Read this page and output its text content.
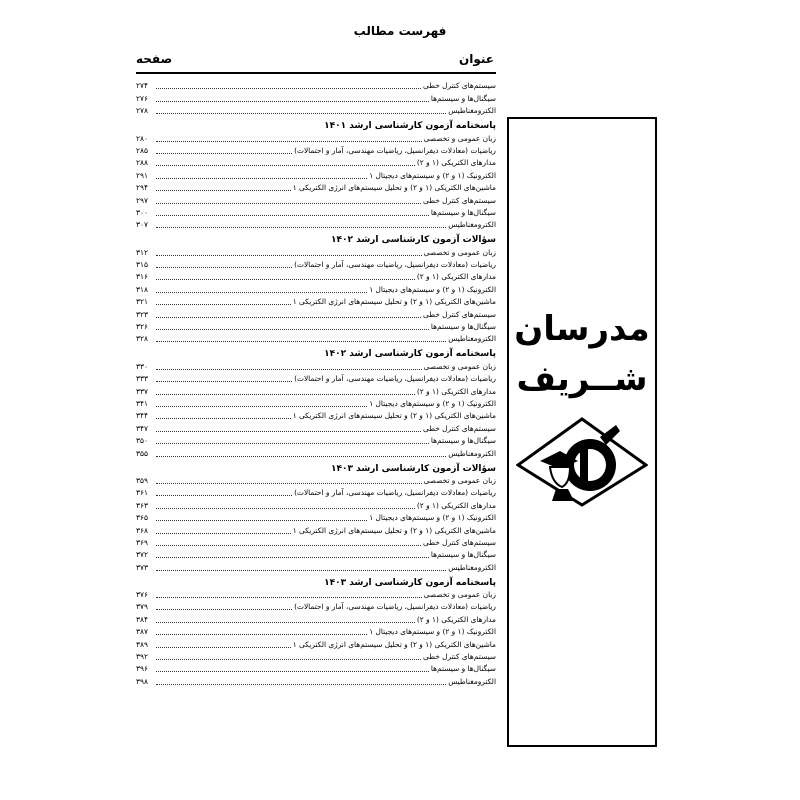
فهرست مطالب
عنوان
صفحه
سیستم‌های کنترل خطی
۲۷۴
سیگنال‌ها و سیستم‌ها
۲۷۶
الکترومغناطیس
۲۷۸
پاسخنامه آزمون کارشناسی ارشد ۱۴۰۱
زبان عمومی و تخصصی
۲۸۰
ریاضیات (معادلات دیفرانسیل، ریاضیات مهندسی، آمار و احتمالات)
۲۸۵
مدارهای الکتریکی (۱ و ۲)
۲۸۸
الکترونیک (۱ و ۲) و سیستم‌های دیجیتال ۱
۲۹۱
ماشین‌های الکتریکی (۱ و ۲) و تحلیل سیستم‌های انرژی الکتریکی ۱
۲۹۴
سیستم‌های کنترل خطی
۲۹۷
سیگنال‌ها و سیستم‌ها
۳۰۰
الکترومغناطیس
۳۰۷
سؤالات آزمون کارشناسی ارشد ۱۴۰۲
زبان عمومی و تخصصی
۳۱۲
ریاضیات (معادلات دیفرانسیل، ریاضیات مهندسی، آمار و احتمالات)
۳۱۵
مدارهای الکتریکی (۱ و ۲)
۳۱۶
الکترونیک (۱ و ۲) و سیستم‌های دیجیتال ۱
۳۱۸
ماشین‌های الکتریکی (۱ و ۲) و تحلیل سیستم‌های انرژی الکتریکی ۱
۳۲۱
سیستم‌های کنترل خطی
۳۲۳
سیگنال‌ها و سیستم‌ها
۳۲۶
الکترومغناطیس
۳۲۸
پاسخنامه آزمون کارشناسی ارشد ۱۴۰۲
زبان عمومی و تخصصی
۳۳۰
ریاضیات (معادلات دیفرانسیل، ریاضیات مهندسی، آمار و احتمالات)
۳۳۳
مدارهای الکتریکی (۱ و ۲)
۳۳۷
الکترونیک (۱ و ۲) و سیستم‌های دیجیتال ۱
۳۴۱
ماشین‌های الکتریکی (۱ و ۲) و تحلیل سیستم‌های انرژی الکتریکی ۱
۳۴۴
سیستم‌های کنترل خطی
۳۴۷
سیگنال‌ها و سیستم‌ها
۳۵۰
الکترومغناطیس
۳۵۵
سؤالات آزمون کارشناسی ارشد ۱۴۰۳
زبان عمومی و تخصصی
۳۵۹
ریاضیات (معادلات دیفرانسیل، ریاضیات مهندسی، آمار و احتمالات)
۳۶۱
مدارهای الکتریکی (۱ و ۲)
۳۶۳
الکترونیک (۱ و ۲) و سیستم‌های دیجیتال ۱
۳۶۵
ماشین‌های الکتریکی (۱ و ۲) و تحلیل سیستم‌های انرژی الکتریکی ۱
۳۶۸
سیستم‌های کنترل خطی
۳۶۹
سیگنال‌ها و سیستم‌ها
۳۷۲
الکترومغناطیس
۳۷۳
پاسخنامه آزمون کارشناسی ارشد ۱۴۰۳
زبان عمومی و تخصصی
۳۷۶
ریاضیات (معادلات دیفرانسیل، ریاضیات مهندسی، آمار و احتمالات)
۳۷۹
مدارهای الکتریکی (۱ و ۲)
۳۸۴
الکترونیک (۱ و ۲) و سیستم‌های دیجیتال ۱
۳۸۷
ماشین‌های الکتریکی (۱ و ۲) و تحلیل سیستم‌های انرژی الکتریکی ۱
۳۸۹
سیستم‌های کنترل خطی
۳۹۲
سیگنال‌ها و سیستم‌ها
۳۹۶
الکترومغناطیس
۳۹۸
مدرسان
شــريف
